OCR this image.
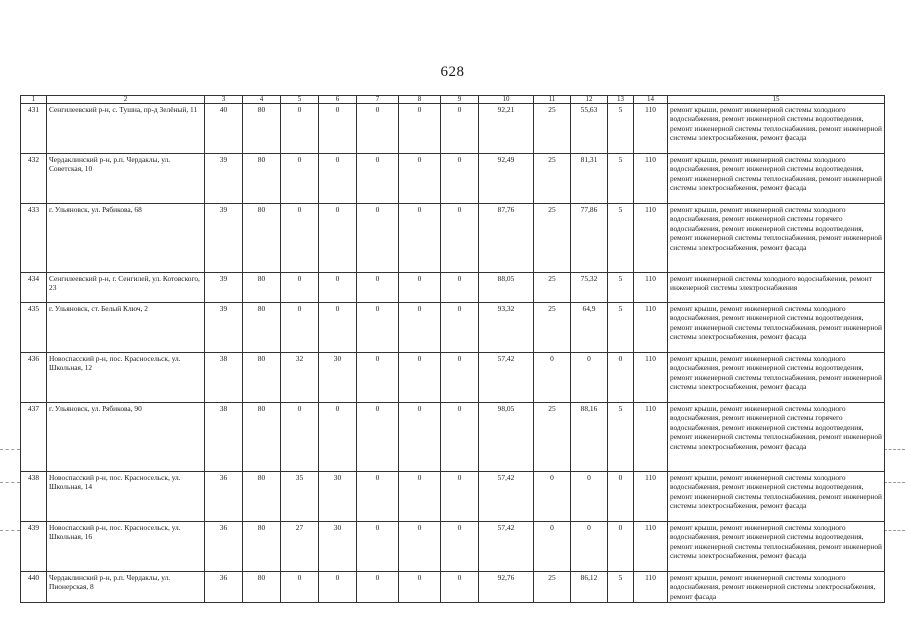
628
1	2	3	4	5	6	7	8	9	10	11	12	13	14	15
431	Сенгилеевский р-н, с. Тушна, пр-д Зелёный, 11	40	80	0	0	0	0	0	92,21	25	55,63	5	110	ремонт крыши, ремонт инженерной системы холодного водоснабжения, ремонт инженерной системы водоотведения, ремонт инженерной системы теплоснабжения, ремонт инженерной системы электроснабжения, ремонт фасада
432	Чердаклинский р-н, р.п. Чердаклы, ул. Советская, 10	39	80	0	0	0	0	0	92,49	25	81,31	5	110	ремонт крыши, ремонт инженерной системы холодного водоснабжения, ремонт инженерной системы водоотведения, ремонт инженерной системы теплоснабжения, ремонт инженерной системы электроснабжения, ремонт фасада
433	г. Ульяновск, ул. Рябикова, 68	39	80	0	0	0	0	0	87,76	25	77,86	5	110	ремонт крыши, ремонт инженерной системы холодного водоснабжения, ремонт инженерной системы горячего водоснабжения, ремонт инженерной системы водоотведения, ремонт инженерной системы теплоснабжения, ремонт инженерной системы электроснабжения, ремонт фасада
434	Сенгилеевский р-н, г. Сенгилей, ул. Котовского, 23	39	80	0	0	0	0	0	88,05	25	75,32	5	110	ремонт инженерной системы холодного водоснабжения, ремонт инженерной системы электроснабжения
435	г. Ульяновск, ст. Белый Ключ, 2	39	80	0	0	0	0	0	93,32	25	64,9	5	110	ремонт крыши, ремонт инженерной системы холодного водоснабжения, ремонт инженерной системы водоотведения, ремонт инженерной системы теплоснабжения, ремонт инженерной системы электроснабжения, ремонт фасада
436	Новоспасский р-н, пос. Красносельск, ул. Школьная, 12	38	80	32	30	0	0	0	57,42	0	0	0	110	ремонт крыши, ремонт инженерной системы холодного водоснабжения, ремонт инженерной системы водоотведения, ремонт инженерной системы теплоснабжения, ремонт инженерной системы электроснабжения, ремонт фасада
437	г. Ульяновск, ул. Рябикова, 90	38	80	0	0	0	0	0	98,05	25	88,16	5	110	ремонт крыши, ремонт инженерной системы холодного водоснабжения, ремонт инженерной системы горячего водоснабжения, ремонт инженерной системы водоотведения, ремонт инженерной системы теплоснабжения, ремонт инженерной системы электроснабжения, ремонт фасада
438	Новоспасский р-н, пос. Красносельск, ул. Школьная, 14	36	80	35	30	0	0	0	57,42	0	0	0	110	ремонт крыши, ремонт инженерной системы холодного водоснабжения, ремонт инженерной системы водоотведения, ремонт инженерной системы теплоснабжения, ремонт инженерной системы электроснабжения, ремонт фасада
439	Новоспасский р-н, пос. Красносельск, ул. Школьная, 16	36	80	27	30	0	0	0	57,42	0	0	0	110	ремонт крыши, ремонт инженерной системы холодного водоснабжения, ремонт инженерной системы водоотведения, ремонт инженерной системы теплоснабжения, ремонт инженерной системы электроснабжения, ремонт фасада
440	Чердаклинский р-н, р.п. Чердаклы, ул. Пионерская, 8	36	80	0	0	0	0	0	92,76	25	86,12	5	110	ремонт крыши, ремонт инженерной системы холодного водоснабжения, ремонт инженерной системы электроснабжения, ремонт фасада
